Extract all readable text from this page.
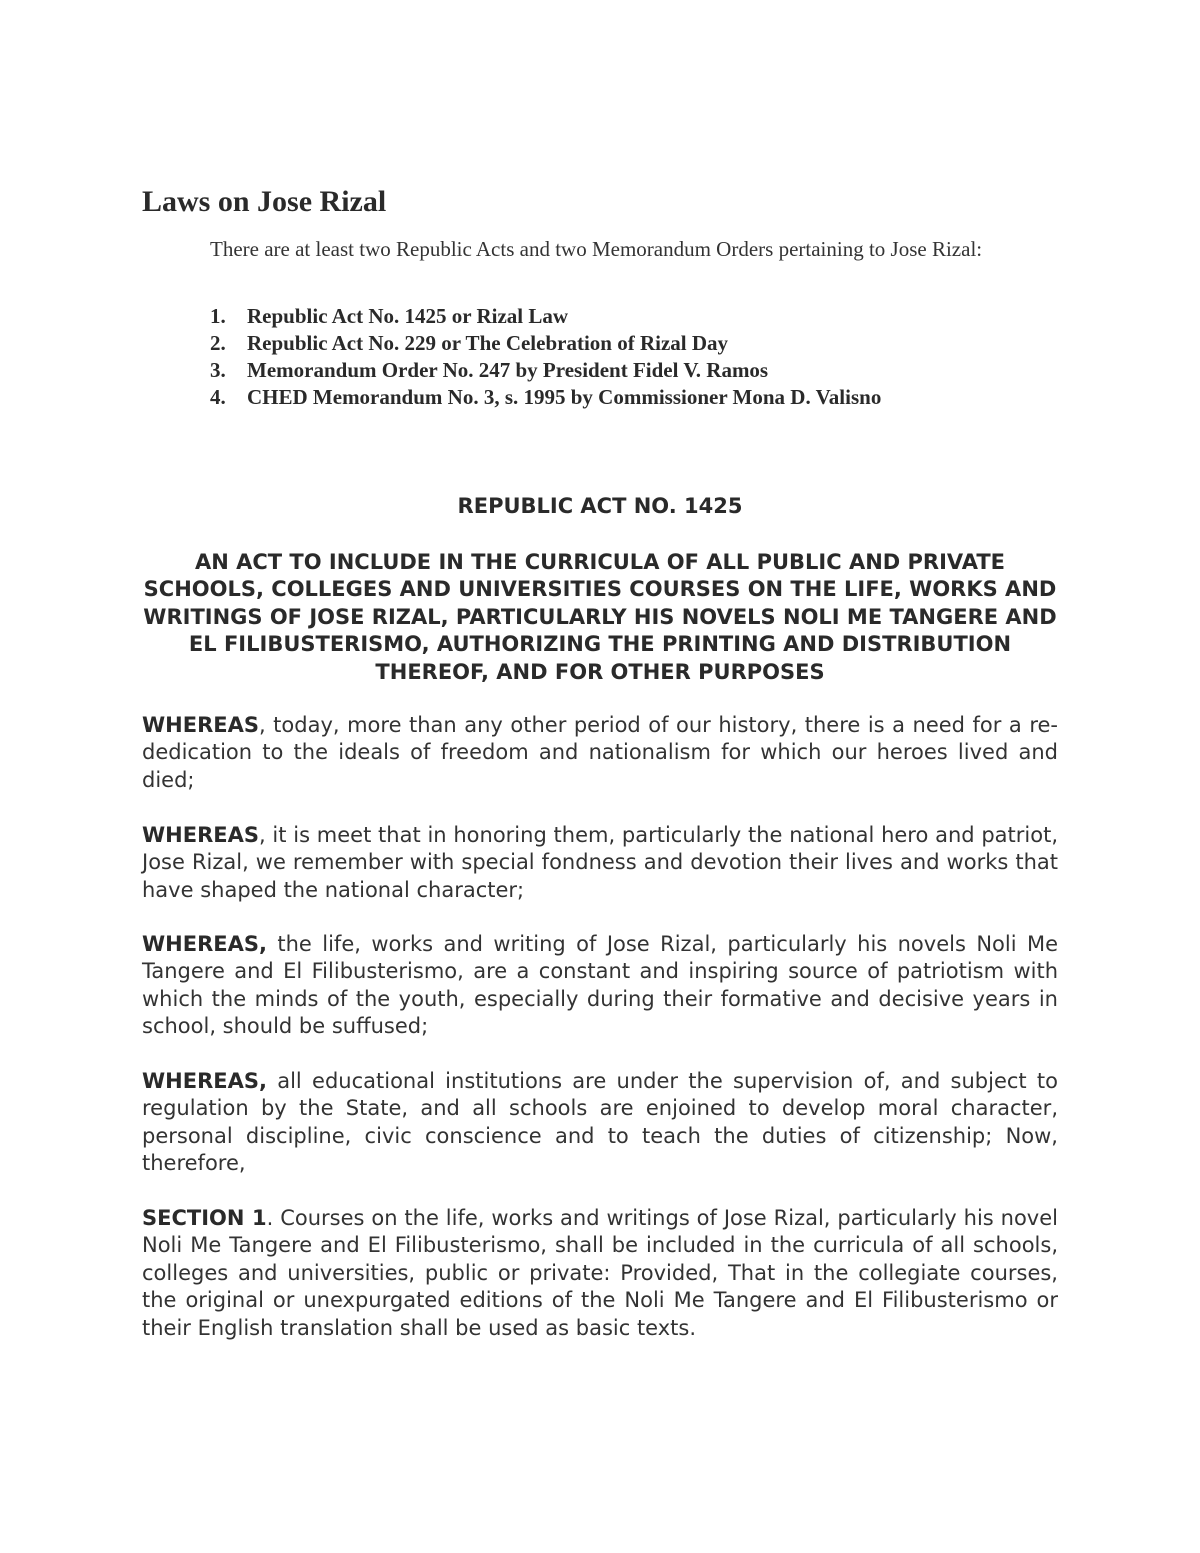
Laws on Jose Rizal

There are at least two Republic Acts and two Memorandum Orders pertaining to Jose Rizal:

1. Republic Act No. 1425 or Rizal Law
2. Republic Act No. 229 or The Celebration of Rizal Day
3. Memorandum Order No. 247 by President Fidel V. Ramos
4. CHED Memorandum No. 3, s. 1995 by Commissioner Mona D. Valisno
REPUBLIC ACT NO. 1425

AN ACT TO INCLUDE IN THE CURRICULA OF ALL PUBLIC AND PRIVATE SCHOOLS, COLLEGES AND UNIVERSITIES COURSES ON THE LIFE, WORKS AND WRITINGS OF JOSE RIZAL, PARTICULARLY HIS NOVELS NOLI ME TANGERE AND EL FILIBUSTERISMO, AUTHORIZING THE PRINTING AND DISTRIBUTION THEREOF, AND FOR OTHER PURPOSES

WHEREAS, today, more than any other period of our history, there is a need for a re-dedication to the ideals of freedom and nationalism for which our heroes lived and died;

WHEREAS, it is meet that in honoring them, particularly the national hero and patriot, Jose Rizal, we remember with special fondness and devotion their lives and works that have shaped the national character;

WHEREAS, the life, works and writing of Jose Rizal, particularly his novels Noli Me Tangere and El Filibusterismo, are a constant and inspiring source of patriotism with which the minds of the youth, especially during their formative and decisive years in school, should be suffused;

WHEREAS, all educational institutions are under the supervision of, and subject to regulation by the State, and all schools are enjoined to develop moral character, personal discipline, civic conscience and to teach the duties of citizenship; Now, therefore,

SECTION 1. Courses on the life, works and writings of Jose Rizal, particularly his novel Noli Me Tangere and El Filibusterismo, shall be included in the curricula of all schools, colleges and universities, public or private: Provided, That in the collegiate courses, the original or unexpurgated editions of the Noli Me Tangere and El Filibusterismo or their English translation shall be used as basic texts.
